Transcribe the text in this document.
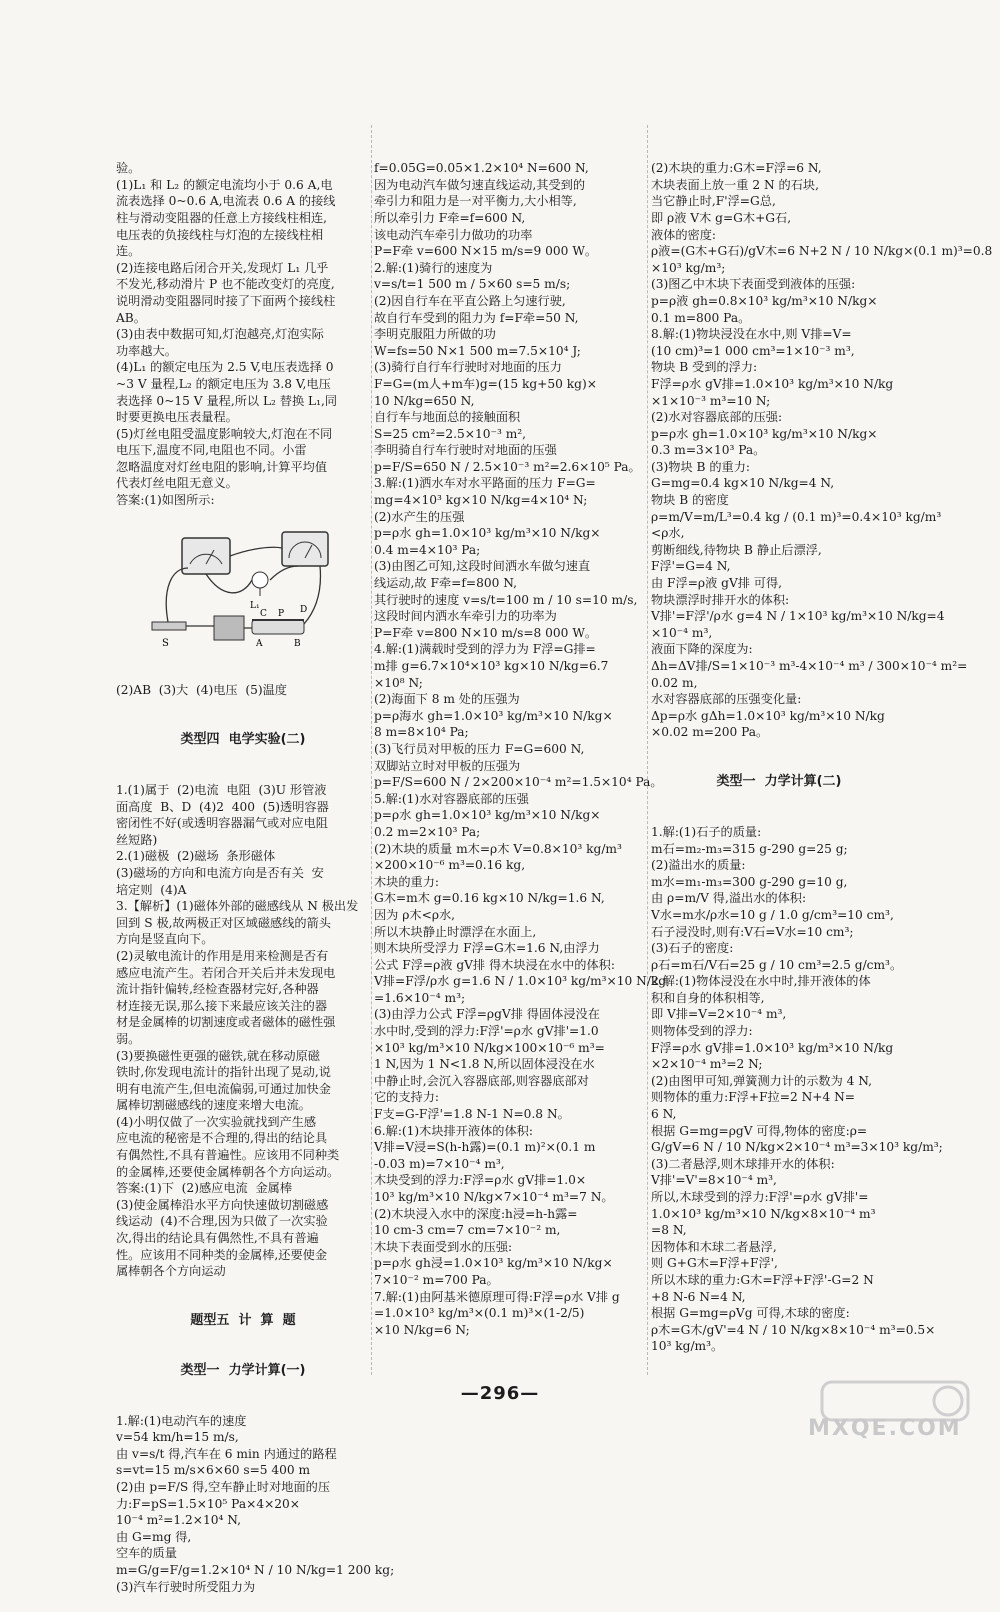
验。
(1)L₁ 和 L₂ 的额定电流均小于 0.6 A,电
流表选择 0~0.6 A,电流表 0.6 A 的接线
柱与滑动变阻器的任意上方接线柱相连,
电压表的负接线柱与灯泡的左接线柱相
连。
(2)连接电路后闭合开关,发现灯 L₁ 几乎
不发光,移动滑片 P 也不能改变灯的亮度,
说明滑动变阻器同时接了下面两个接线柱
AB。
(3)由表中数据可知,灯泡越亮,灯泡实际
功率越大。
(4)L₁ 的额定电压为 2.5 V,电压表选择 0
~3 V 量程,L₂ 的额定电压为 3.8 V,电压
表选择 0~15 V 量程,所以 L₂ 替换 L₁,同
时要更换电压表量程。
(5)灯丝电阻受温度影响较大,灯泡在不同
电压下,温度不同,电阻也不同。小雷
忽略温度对灯丝电阻的影响,计算平均值
代表灯丝电阻无意义。
答案:(1)如图所示:

L₁
S
C	D
A	B
P

(2)AB  (3)大  (4)电压  (5)温度

类型四  电学实验(二)

1.(1)属于  (2)电流  电阻  (3)U 形管液
面高度  B、D  (4)2  400  (5)透明容器
密闭性不好(或透明容器漏气或对应电阻
丝短路)
2.(1)磁极  (2)磁场  条形磁体
(3)磁场的方向和电流方向是否有关  安
培定则  (4)A
3.【解析】(1)磁体外部的磁感线从 N 极出发
回到 S 极,故两极正对区域磁感线的箭头
方向是竖直向下。
(2)灵敏电流计的作用是用来检测是否有
感应电流产生。若闭合开关后并未发现电
流计指针偏转,经检查器材完好,各种器
材连接无误,那么接下来最应该关注的器
材是金属棒的切割速度或者磁体的磁性强
弱。
(3)要换磁性更强的磁铁,就在移动原磁
铁时,你发现电流计的指针出现了晃动,说
明有电流产生,但电流偏弱,可通过加快金
属棒切割磁感线的速度来增大电流。
(4)小明仅做了一次实验就找到产生感
应电流的秘密是不合理的,得出的结论具
有偶然性,不具有普遍性。应该用不同种类
的金属棒,还要使金属棒朝各个方向运动。
答案:(1)下  (2)感应电流  金属棒
(3)使金属棒沿水平方向快速做切割磁感
线运动  (4)不合理,因为只做了一次实验
次,得出的结论具有偶然性,不具有普遍
性。应该用不同种类的金属棒,还要使金
属棒朝各个方向运动

题型五  计  算  题

类型一  力学计算(一)

1.解:(1)电动汽车的速度
v=54 km/h=15 m/s,
由 v=s/t 得,汽车在 6 min 内通过的路程
s=vt=15 m/s×6×60 s=5 400 m
(2)由 p=F/S 得,空车静止时对地面的压
力:F=pS=1.5×10⁵ Pa×4×20×
10⁻⁴ m²=1.2×10⁴ N,
由 G=mg 得,
空车的质量
m=G/g=F/g=1.2×10⁴ N / 10 N/kg=1 200 kg;
(3)汽车行驶时所受阻力为

f=0.05G=0.05×1.2×10⁴ N=600 N,
因为电动汽车做匀速直线运动,其受到的
牵引力和阻力是一对平衡力,大小相等,
所以牵引力 F牵=f=600 N,
该电动汽车牵引力做功的功率
P=F牵 v=600 N×15 m/s=9 000 W。
2.解:(1)骑行的速度为
v=s/t=1 500 m / 5×60 s=5 m/s;
(2)因自行车在平直公路上匀速行驶,
故自行车受到的阻力为 f=F牵=50 N,
李明克服阻力所做的功
W=fs=50 N×1 500 m=7.5×10⁴ J;
(3)骑行自行车行驶时对地面的压力
F=G=(m人+m车)g=(15 kg+50 kg)×
10 N/kg=650 N,
自行车与地面总的接触面积
S=25 cm²=2.5×10⁻³ m²,
李明骑自行车行驶时对地面的压强
p=F/S=650 N / 2.5×10⁻³ m²=2.6×10⁵ Pa。
3.解:(1)洒水车对水平路面的压力 F=G=
mg=4×10³ kg×10 N/kg=4×10⁴ N;
(2)水产生的压强
p=ρ水 gh=1.0×10³ kg/m³×10 N/kg×
0.4 m=4×10³ Pa;
(3)由图乙可知,这段时间洒水车做匀速直
线运动,故 F牵=f=800 N,
其行驶时的速度 v=s/t=100 m / 10 s=10 m/s,
这段时间内洒水车牵引力的功率为
P=F牵 v=800 N×10 m/s=8 000 W。
4.解:(1)满载时受到的浮力为 F浮=G排=
m排 g=6.7×10⁴×10³ kg×10 N/kg=6.7
×10⁸ N;
(2)海面下 8 m 处的压强为
p=ρ海水 gh=1.0×10³ kg/m³×10 N/kg×
8 m=8×10⁴ Pa;
(3)飞行员对甲板的压力 F=G=600 N,
双脚站立时对甲板的压强为
p=F/S=600 N / 2×200×10⁻⁴ m²=1.5×10⁴ Pa。
5.解:(1)水对容器底部的压强
p=ρ水 gh=1.0×10³ kg/m³×10 N/kg×
0.2 m=2×10³ Pa;
(2)木块的质量 m木=ρ木 V=0.8×10³ kg/m³
×200×10⁻⁶ m³=0.16 kg,
木块的重力:
G木=m木 g=0.16 kg×10 N/kg=1.6 N,
因为 ρ木<ρ水,
所以木块静止时漂浮在水面上,
则木块所受浮力 F浮=G木=1.6 N,由浮力
公式 F浮=ρ液 gV排 得木块浸在水中的体积:
V排=F浮/ρ水 g=1.6 N / 1.0×10³ kg/m³×10 N/kg
=1.6×10⁻⁴ m³;
(3)由浮力公式 F浮=ρgV排 得固体浸没在
水中时,受到的浮力:F浮'=ρ水 gV排'=1.0
×10³ kg/m³×10 N/kg×100×10⁻⁶ m³=
1 N,因为 1 N<1.8 N,所以固体浸没在水
中静止时,会沉入容器底部,则容器底部对
它的支持力:
F支=G-F浮'=1.8 N-1 N=0.8 N。
6.解:(1)木块排开液体的体积:
V排=V浸=S(h-h露)=(0.1 m)²×(0.1 m
-0.03 m)=7×10⁻⁴ m³,
木块受到的浮力:F浮=ρ水 gV排=1.0×
10³ kg/m³×10 N/kg×7×10⁻⁴ m³=7 N。
(2)木块浸入水中的深度:h浸=h-h露=
10 cm-3 cm=7 cm=7×10⁻² m,
木块下表面受到水的压强:
p=ρ水 gh浸=1.0×10³ kg/m³×10 N/kg×
7×10⁻² m=700 Pa。
7.解:(1)由阿基米德原理可得:F浮=ρ水 V排 g
=1.0×10³ kg/m³×(0.1 m)³×(1-2/5)
×10 N/kg=6 N;

(2)木块的重力:G木=F浮=6 N,
木块表面上放一重 2 N 的石块,
当它静止时,F'浮=G总,
即 ρ液 V木 g=G木+G石,
液体的密度:
ρ液=(G木+G石)/gV木=6 N+2 N / 10 N/kg×(0.1 m)³=0.8
×10³ kg/m³;
(3)图乙中木块下表面受到液体的压强:
p=ρ液 gh=0.8×10³ kg/m³×10 N/kg×
0.1 m=800 Pa。
8.解:(1)物块浸没在水中,则 V排=V=
(10 cm)³=1 000 cm³=1×10⁻³ m³,
物块 B 受到的浮力:
F浮=ρ水 gV排=1.0×10³ kg/m³×10 N/kg
×1×10⁻³ m³=10 N;
(2)水对容器底部的压强:
p=ρ水 gh=1.0×10³ kg/m³×10 N/kg×
0.3 m=3×10³ Pa。
(3)物块 B 的重力:
G=mg=0.4 kg×10 N/kg=4 N,
物块 B 的密度
ρ=m/V=m/L³=0.4 kg / (0.1 m)³=0.4×10³ kg/m³
<ρ水,
剪断细线,待物块 B 静止后漂浮,
F浮'=G=4 N,
由 F浮=ρ液 gV排 可得,
物块漂浮时排开水的体积:
V排'=F浮'/ρ水 g=4 N / 1×10³ kg/m³×10 N/kg=4
×10⁻⁴ m³,
液面下降的深度为:
Δh=ΔV排/S=1×10⁻³ m³-4×10⁻⁴ m³ / 300×10⁻⁴ m²=
0.02 m,
水对容器底部的压强变化量:
Δp=ρ水 gΔh=1.0×10³ kg/m³×10 N/kg
×0.02 m=200 Pa。

类型一  力学计算(二)

1.解:(1)石子的质量:
m石=m₂-m₃=315 g-290 g=25 g;
(2)溢出水的质量:
m水=m₁-m₃=300 g-290 g=10 g,
由 ρ=m/V 得,溢出水的体积:
V水=m水/ρ水=10 g / 1.0 g/cm³=10 cm³,
石子浸没时,则有:V石=V水=10 cm³;
(3)石子的密度:
ρ石=m石/V石=25 g / 10 cm³=2.5 g/cm³。
2.解:(1)物体浸没在水中时,排开液体的体
积和自身的体积相等,
即 V排=V=2×10⁻⁴ m³,
则物体受到的浮力:
F浮=ρ水 gV排=1.0×10³ kg/m³×10 N/kg
×2×10⁻⁴ m³=2 N;
(2)由图甲可知,弹簧测力计的示数为 4 N,
则物体的重力:F浮+F拉=2 N+4 N=
6 N,
根据 G=mg=ρgV 可得,物体的密度:ρ=
G/gV=6 N / 10 N/kg×2×10⁻⁴ m³=3×10³ kg/m³;
(3)二者悬浮,则木球排开水的体积:
V排'=V'=8×10⁻⁴ m³,
所以,木球受到的浮力:F浮'=ρ水 gV排'=
1.0×10³ kg/m³×10 N/kg×8×10⁻⁴ m³
=8 N,
因物体和木球二者悬浮,
则 G+G木=F浮+F浮',
所以木球的重力:G木=F浮+F浮'-G=2 N
+8 N-6 N=4 N,
根据 G=mg=ρVg 可得,木球的密度:
ρ木=G木/gV'=4 N / 10 N/kg×8×10⁻⁴ m³=0.5×
10³ kg/m³。

—296—
MXQE.COM
